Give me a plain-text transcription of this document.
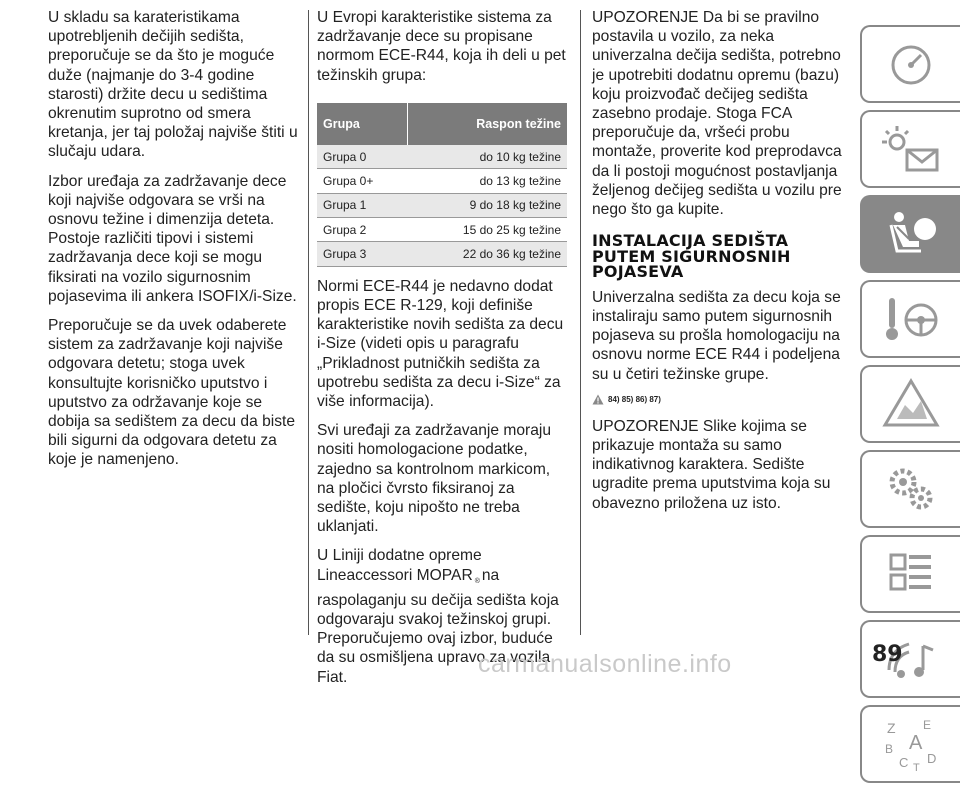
U skladu sa karateristikama upotrebljenih dečijih sedišta, preporučuje se da što je moguće duže (najmanje do 3-4 godine starosti) držite decu u sedištima okrenutim suprotno od smera kretanja, jer taj položaj najviše štiti u slučaju udara.

Izbor uređaja za zadržavanje dece koji najviše odgovara se vrši na osnovu težine i dimenzija deteta. Postoje različiti tipovi i sistemi zadržavanja dece koji se mogu fiksirati na vozilo sigurnosnim pojasevima ili ankera ISOFIX/i-Size.

Preporučuje se da uvek odaberete sistem za zadržavanje koji najviše odgovara detetu; stoga uvek konsultujte korisničko uputstvo i uputstvo za održavanje koje se dobija sa sedištem za decu da biste bili sigurni da odgovara detetu za koje je namenjeno.

U Evropi karakteristike sistema za zadržavanje dece su propisane normom ECE-R44, koja ih deli u pet težinskih grupa:

Grupa	Raspon težine
Grupa 0	do 10 kg težine
Grupa 0+	do 13 kg težine
Grupa 1	9 do 18 kg težine
Grupa 2	15 do 25 kg težine
Grupa 3	22 do 36 kg težine

Normi ECE-R44 je nedavno dodat propis ECE R-129, koji definiše karakteristike novih sedišta za decu i-Size (videti opis u paragrafu „Prikladnost putničkih sedišta za upotrebu sedišta za decu i-Size“ za više informacija).

Svi uređaji za zadržavanje moraju nositi homologacione podatke, zajedno sa kontrolnom markicom, na pločici čvrsto fiksiranoj za sedište, koju nipošto ne treba uklanjati.

U Liniji dodatne opreme Lineaccessori MOPAR $_®$ na raspolaganju su dečija sedišta koja odgovaraju svakoj težinskoj grupi. Preporučujemo ovaj izbor, buduće da su osmišljena upravo za vozila Fiat.

UPOZORENJE Da bi se pravilno postavila u vozilo, za neka univerzalna dečija sedišta, potrebno je upotrebiti dodatnu opremu (bazu) koju proizvođač dečijeg sedišta zasebno prodaje. Stoga FCA preporučuje da, vršeći probu montaže, proverite kod preprodavca da li postoji mogućnost postavljanja željenog dečijeg sedišta u vozilu pre nego što ga kupite.

INSTALACIJA SEDIŠTA PUTEM SIGURNOSNIH POJASEVA

Univerzalna sedišta za decu koja se instaliraju samo putem sigurnosnih pojaseva su prošla homologaciju na osnovu norme ECE R44 i podeljena su u četiri težinske grupe.

84) 85) 86) 87)

UPOZORENJE Slike kojima se prikazuje montaža su samo indikativnog karaktera. Sedište ugradite prema uputstvima koja su obavezno priložena uz isto.

Z E
B A
C D
T
carmanualsonline.info	89
